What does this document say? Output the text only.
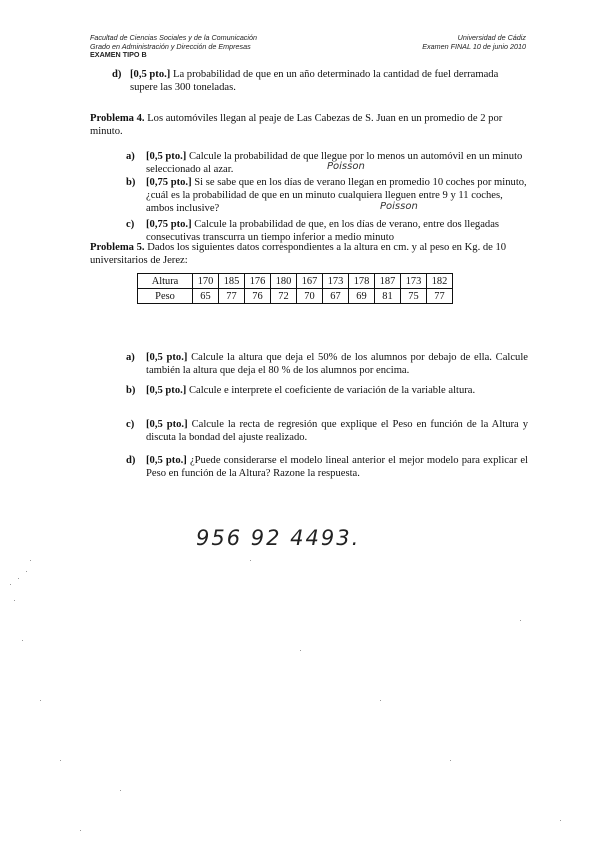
Facultad de Ciencias Sociales y de la Comunicación
Grado en Administración y Dirección de Empresas
EXAMEN TIPO B
Universidad de Cádiz
Examen FINAL 10 de junio 2010
d) [0,5 pto.] La probabilidad de que en un año determinado la cantidad de fuel derramada supere las 300 toneladas.
Problema 4. Los automóviles llegan al peaje de Las Cabezas de S. Juan en un promedio de 2 por minuto.
a)	[0,5 pto.] Calcule la probabilidad de que llegue por lo menos un automóvil en un minuto seleccionado al azar.	Poisson
b) [0,75 pto.] Si se sabe que en los días de verano llegan en promedio 10 coches por minuto, ¿cuál es la probabilidad de que en un minuto cualquiera lleguen entre 9 y 11 coches, ambos inclusive?	Poisson
c)	[0,75 pto.] Calcule la probabilidad de que, en los días de verano, entre dos llegadas consecutivas transcurra un tiempo inferior a medio minuto
Problema 5. Dados los siguientes datos correspondientes a la altura en cm. y al peso en Kg. de 10 universitarios de Jerez:
Altura	170	185	176	180	167	173	178	187	173	182
Peso	65	77	76	72	70	67	69	81	75	77
a)	[0,5 pto.] Calcule la altura que deja el 50% de los alumnos por debajo de ella. Calcule también la altura que deja el 80 % de los alumnos por encima.
b) [0,5 pto.] Calcule e interprete el coeficiente de variación de la variable altura.
c)	[0,5 pto.] Calcule la recta de regresión que explique el Peso en función de la Altura y discuta la bondad del ajuste realizado.
d) [0,5 pto.] ¿Puede considerarse el modelo lineal anterior el mejor modelo para explicar el Peso en función de la Altura? Razone la respuesta.
956 92 4493.
